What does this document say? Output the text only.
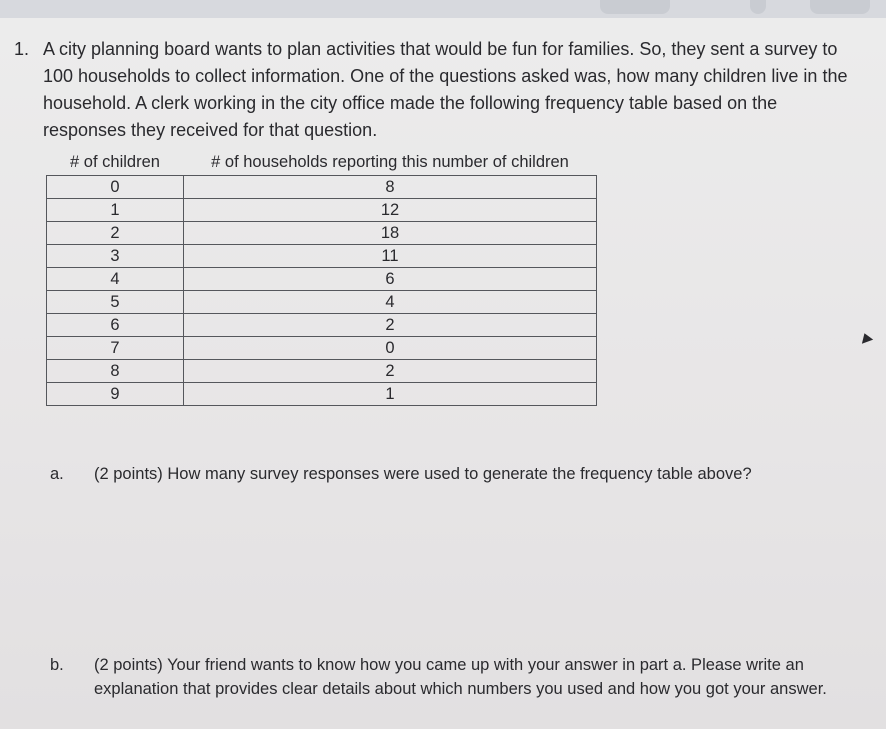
1. A city planning board wants to plan activities that would be fun for families. So, they sent a survey to 100 households to collect information. One of the questions asked was, how many children live in the household. A clerk working in the city office made the following frequency table based on the responses they received for that question.
# of children	# of households reporting this number of children
0	8
1	12
2	18
3	11
4	6
5	4
6	2
7	0
8	2
9	1
a. (2 points) How many survey responses were used to generate the frequency table above?
b. (2 points) Your friend wants to know how you came up with your answer in part a. Please write an explanation that provides clear details about which numbers you used and how you got your answer.
